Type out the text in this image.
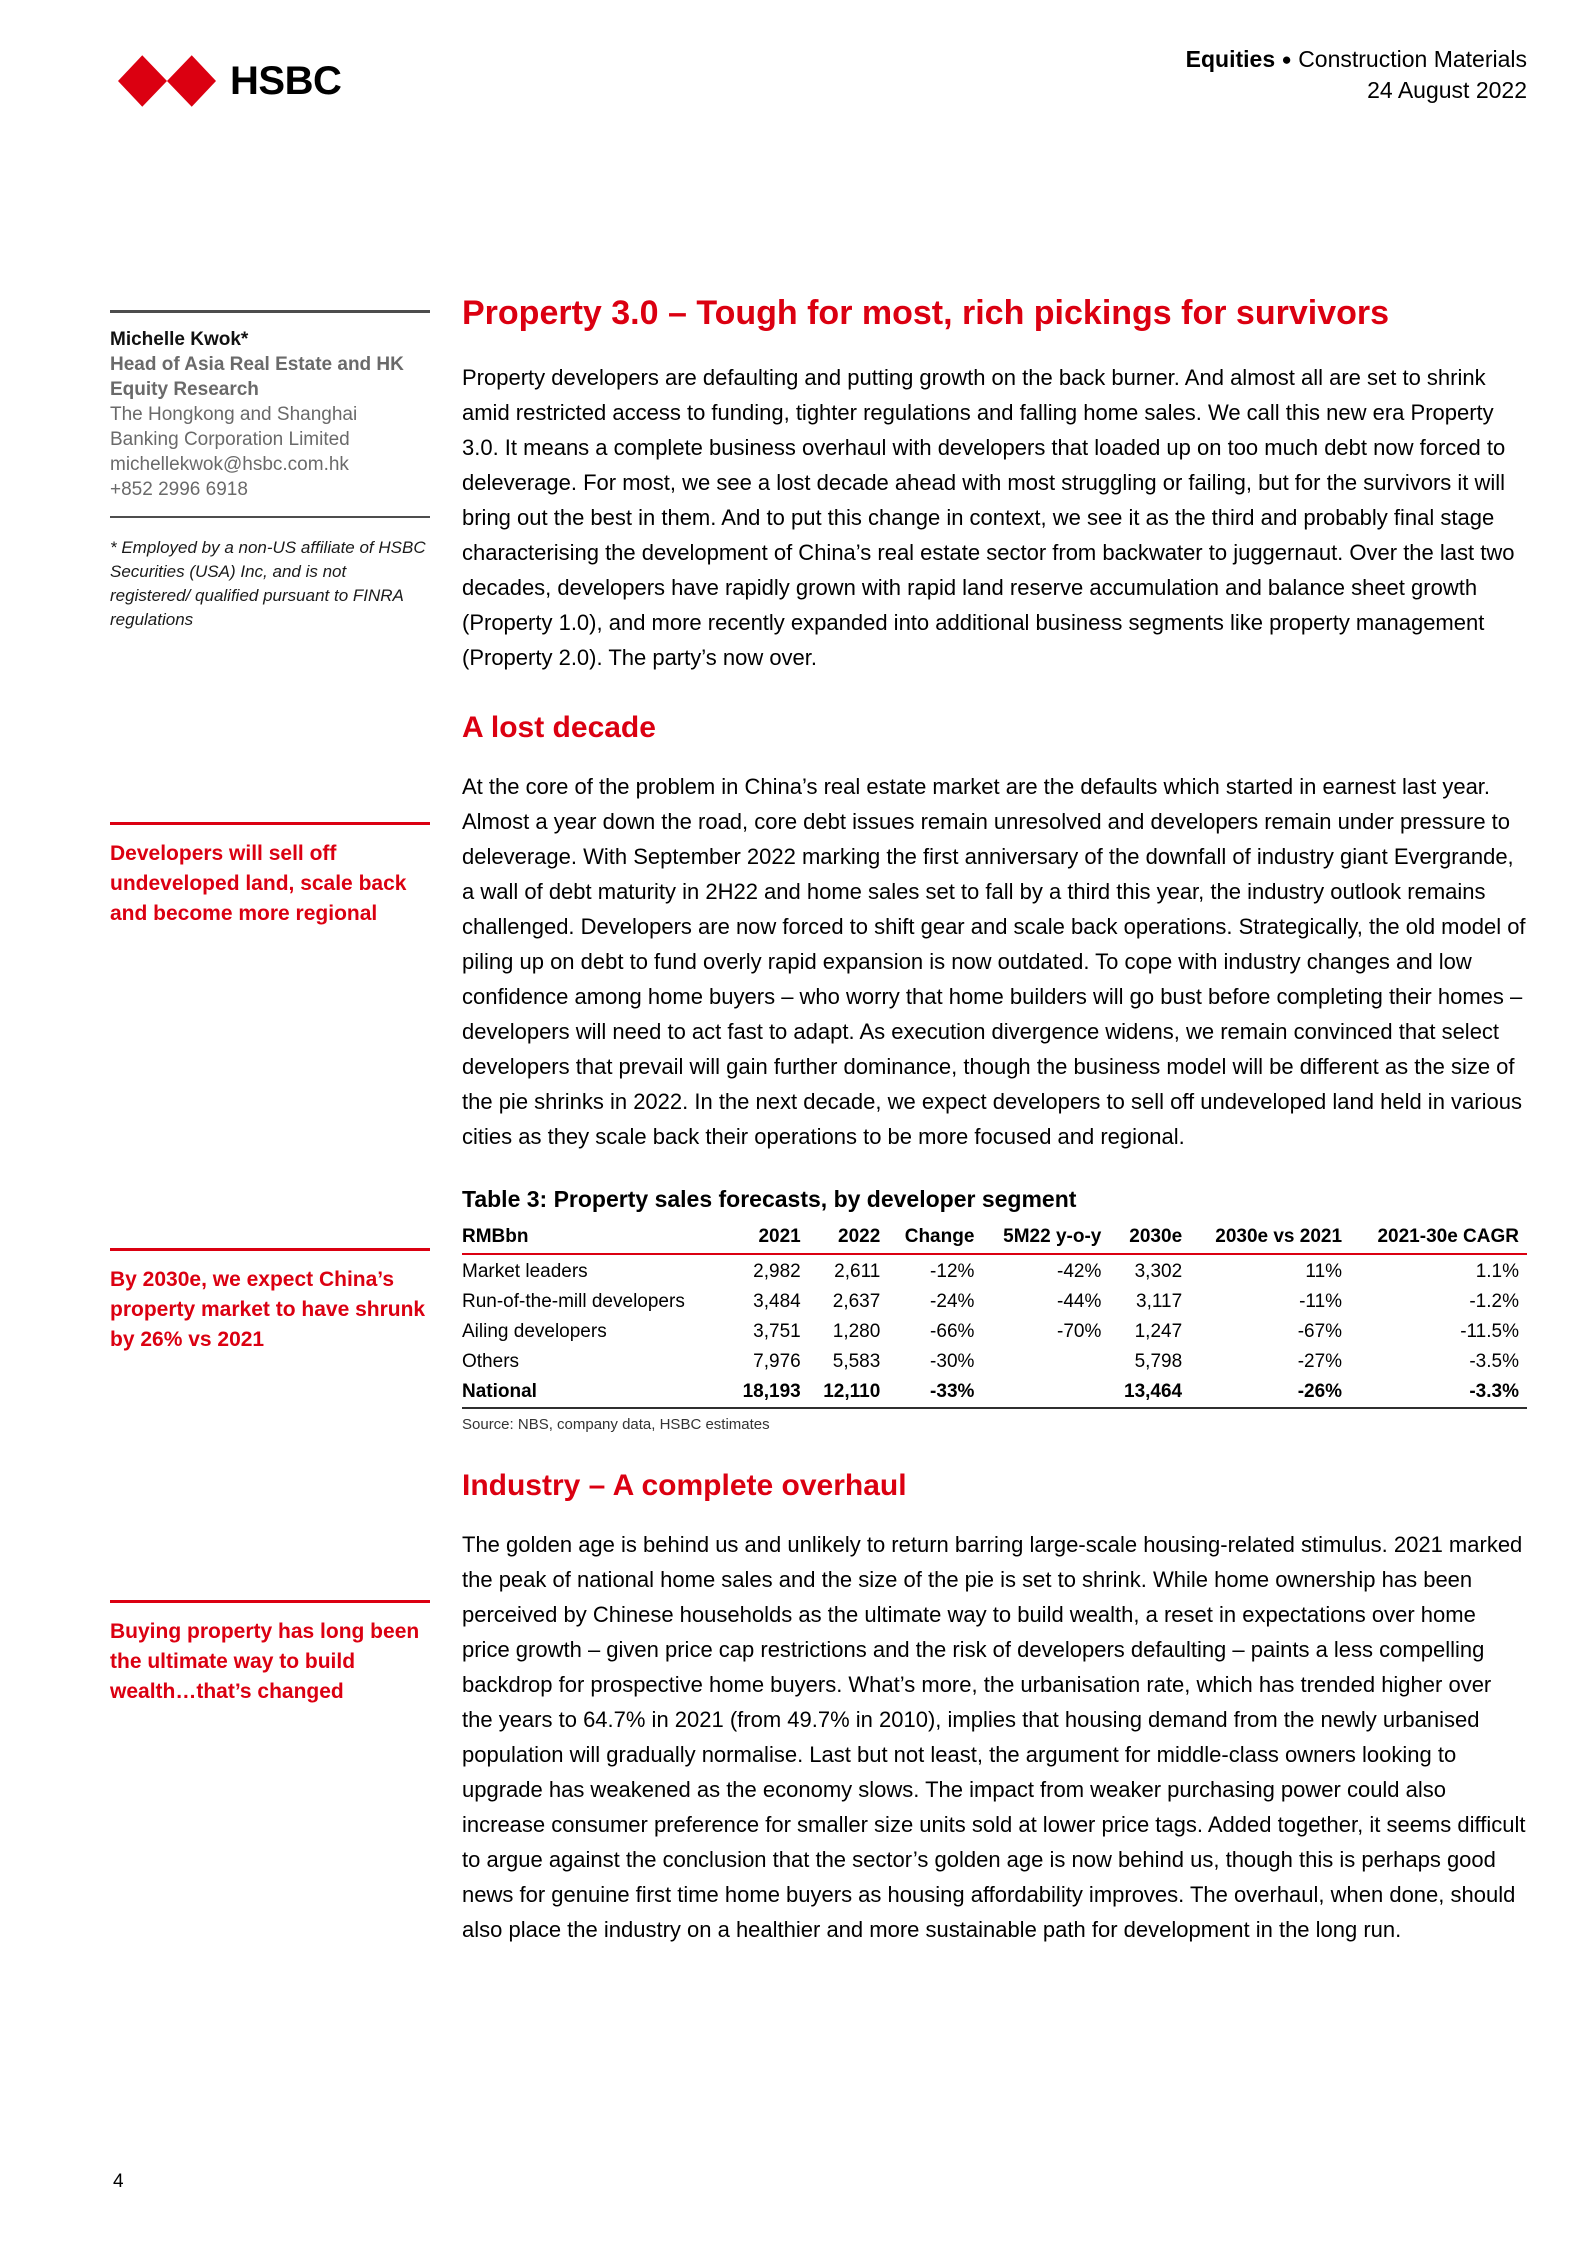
HSBC	Equities ● Construction Materials
24 August 2022
Michelle Kwok*
Head of Asia Real Estate and HK Equity Research
The Hongkong and Shanghai
Banking Corporation Limited
michellekwok@hsbc.com.hk
+852 2996 6918
* Employed by a non-US affiliate of HSBC Securities (USA) Inc, and is not registered/ qualified pursuant to FINRA regulations
Developers will sell off undeveloped land, scale back and become more regional
By 2030e, we expect China’s property market to have shrunk by 26% vs 2021
Buying property has long been the ultimate way to build wealth…that’s changed
Property 3.0 – Tough for most, rich pickings for survivors

Property developers are defaulting and putting growth on the back burner. And almost all are set to shrink amid restricted access to funding, tighter regulations and falling home sales. We call this new era Property 3.0. It means a complete business overhaul with developers that loaded up on too much debt now forced to deleverage. For most, we see a lost decade ahead with most struggling or failing, but for the survivors it will bring out the best in them. And to put this change in context, we see it as the third and probably final stage characterising the development of China’s real estate sector from backwater to juggernaut. Over the last two decades, developers have rapidly grown with rapid land reserve accumulation and balance sheet growth (Property 1.0), and more recently expanded into additional business segments like property management (Property 2.0). The party’s now over.

A lost decade

At the core of the problem in China’s real estate market are the defaults which started in earnest last year. Almost a year down the road, core debt issues remain unresolved and developers remain under pressure to deleverage. With September 2022 marking the first anniversary of the downfall of industry giant Evergrande, a wall of debt maturity in 2H22 and home sales set to fall by a third this year, the industry outlook remains challenged. Developers are now forced to shift gear and scale back operations. Strategically, the old model of piling up on debt to fund overly rapid expansion is now outdated. To cope with industry changes and low confidence among home buyers – who worry that home builders will go bust before completing their homes – developers will need to act fast to adapt. As execution divergence widens, we remain convinced that select developers that prevail will gain further dominance, though the business model will be different as the size of the pie shrinks in 2022. In the next decade, we expect developers to sell off undeveloped land held in various cities as they scale back their operations to be more focused and regional.

Table 3: Property sales forecasts, by developer segment
RMBbn	2021	2022	Change	5M22 y-o-y	2030e	2030e vs 2021	2021-30e CAGR
Market leaders	2,982	2,611	-12%	-42%	3,302	11%	1.1%
Run-of-the-mill developers	3,484	2,637	-24%	-44%	3,117	-11%	-1.2%
Ailing developers	3,751	1,280	-66%	-70%	1,247	-67%	-11.5%
Others	7,976	5,583	-30%		5,798	-27%	-3.5%
National	18,193	12,110	-33%		13,464	-26%	-3.3%
Source: NBS, company data, HSBC estimates
Industry – A complete overhaul

The golden age is behind us and unlikely to return barring large-scale housing-related stimulus. 2021 marked the peak of national home sales and the size of the pie is set to shrink. While home ownership has been perceived by Chinese households as the ultimate way to build wealth, a reset in expectations over home price growth – given price cap restrictions and the risk of developers defaulting – paints a less compelling backdrop for prospective home buyers. What’s more, the urbanisation rate, which has trended higher over the years to 64.7% in 2021 (from 49.7% in 2010), implies that housing demand from the newly urbanised population will gradually normalise. Last but not least, the argument for middle-class owners looking to upgrade has weakened as the economy slows. The impact from weaker purchasing power could also increase consumer preference for smaller size units sold at lower price tags. Added together, it seems difficult to argue against the conclusion that the sector’s golden age is now behind us, though this is perhaps good news for genuine first time home buyers as housing affordability improves. The overhaul, when done, should also place the industry on a healthier and more sustainable path for development in the long run.

4
